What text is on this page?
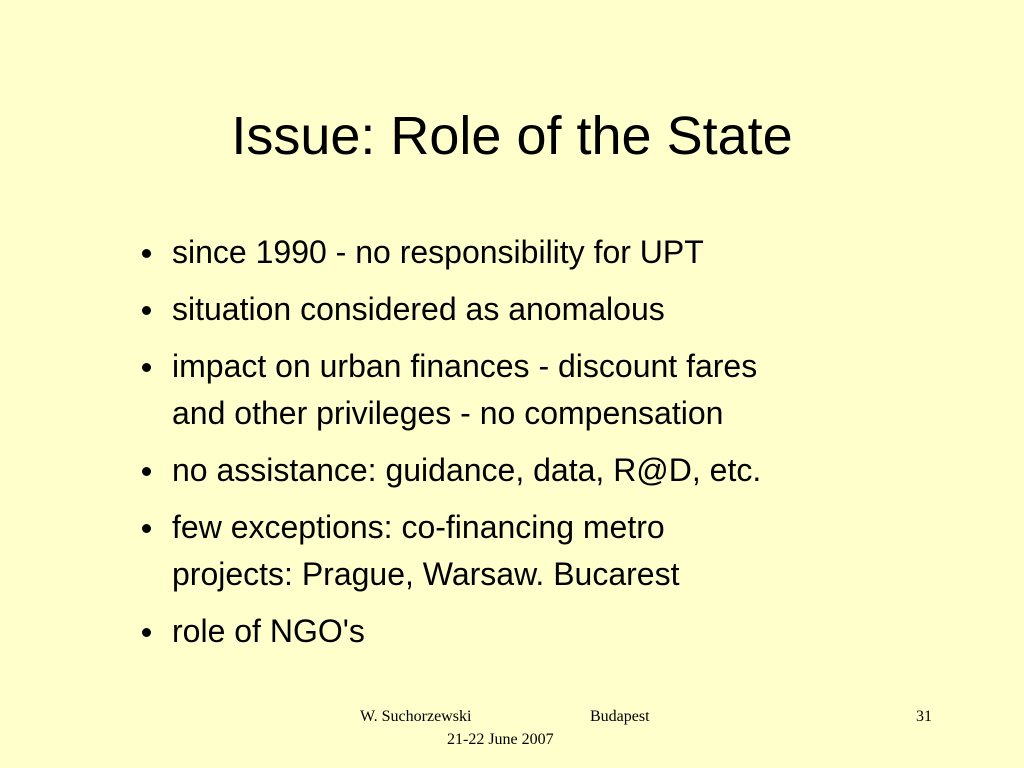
Issue: Role of the State
since 1990 - no responsibility for UPT
situation considered as anomalous
impact on urban finances - discount fares
and other privileges - no compensation
no assistance: guidance, data, R@D, etc.
few exceptions: co-financing metro
projects: Prague, Warsaw. Bucarest
role of NGO's
W. Suchorzewski	Budapest
21-22 June 2007
31
